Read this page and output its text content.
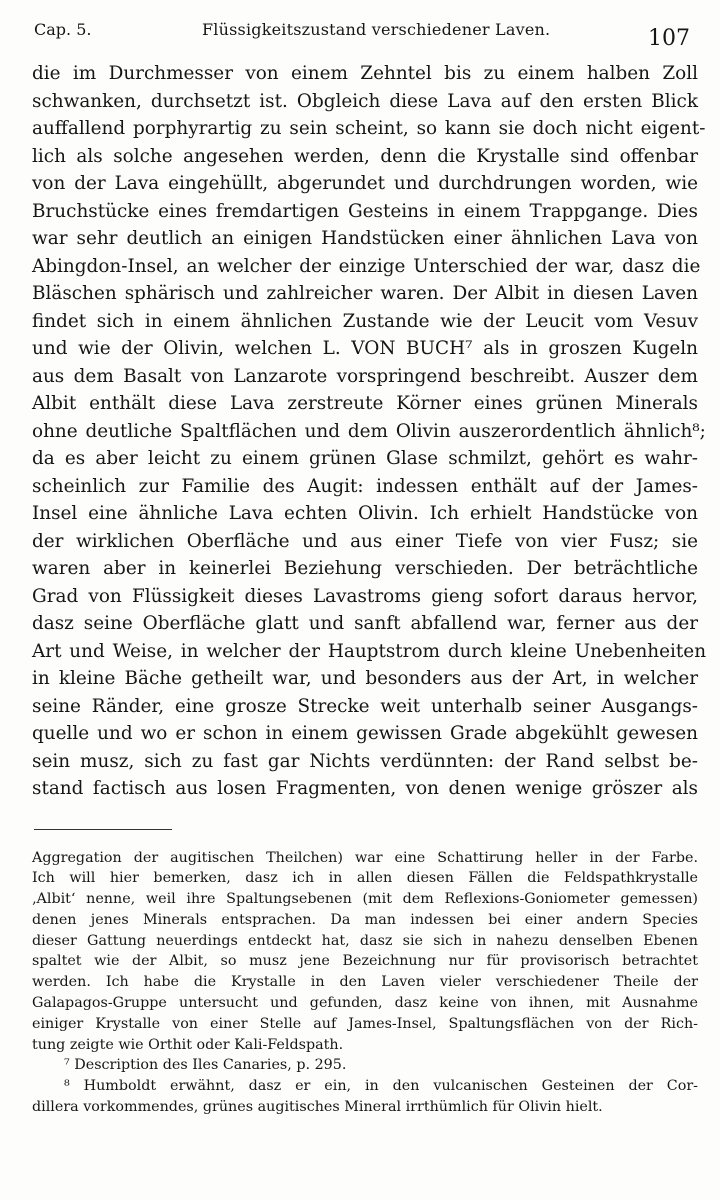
Cap. 5.	Flüssigkeitszustand verschiedener Laven.	107
die im Durchmesser von einem Zehntel bis zu einem halben Zoll
schwanken, durchsetzt ist. Obgleich diese Lava auf den ersten Blick
auffallend porphyrartig zu sein scheint, so kann sie doch nicht eigent-
lich als solche angesehen werden, denn die Krystalle sind offenbar
von der Lava eingehüllt, abgerundet und durchdrungen worden, wie
Bruchstücke eines fremdartigen Gesteins in einem Trappgange. Dies
war sehr deutlich an einigen Handstücken einer ähnlichen Lava von
Abingdon-Insel, an welcher der einzige Unterschied der war, dasz die
Bläschen sphärisch und zahlreicher waren. Der Albit in diesen Laven
findet sich in einem ähnlichen Zustande wie der Leucit vom Vesuv
und wie der Olivin, welchen L. VON BUCH⁷ als in groszen Kugeln
aus dem Basalt von Lanzarote vorspringend beschreibt. Auszer dem
Albit enthält diese Lava zerstreute Körner eines grünen Minerals
ohne deutliche Spaltflächen und dem Olivin auszerordentlich ähnlich⁸;
da es aber leicht zu einem grünen Glase schmilzt, gehört es wahr-
scheinlich zur Familie des Augit: indessen enthält auf der James-
Insel eine ähnliche Lava echten Olivin. Ich erhielt Handstücke von
der wirklichen Oberfläche und aus einer Tiefe von vier Fusz; sie
waren aber in keinerlei Beziehung verschieden. Der beträchtliche
Grad von Flüssigkeit dieses Lavastroms gieng sofort daraus hervor,
dasz seine Oberfläche glatt und sanft abfallend war, ferner aus der
Art und Weise, in welcher der Hauptstrom durch kleine Unebenheiten
in kleine Bäche getheilt war, und besonders aus der Art, in welcher
seine Ränder, eine grosze Strecke weit unterhalb seiner Ausgangs-
quelle und wo er schon in einem gewissen Grade abgekühlt gewesen
sein musz, sich zu fast gar Nichts verdünnten: der Rand selbst be-
stand factisch aus losen Fragmenten, von denen wenige gröszer als
Aggregation der augitischen Theilchen) war eine Schattirung heller in der Farbe.
Ich will hier bemerken, dasz ich in allen diesen Fällen die Feldspathkrystalle
‚Albit‘ nenne, weil ihre Spaltungsebenen (mit dem Reflexions-Goniometer gemessen)
denen jenes Minerals entsprachen. Da man indessen bei einer andern Species
dieser Gattung neuerdings entdeckt hat, dasz sie sich in nahezu denselben Ebenen
spaltet wie der Albit, so musz jene Bezeichnung nur für provisorisch betrachtet
werden. Ich habe die Krystalle in den Laven vieler verschiedener Theile der
Galapagos-Gruppe untersucht und gefunden, dasz keine von ihnen, mit Ausnahme
einiger Krystalle von einer Stelle auf James-Insel, Spaltungsflächen von der Rich-
tung zeigte wie Orthit oder Kali-Feldspath.
⁷ Description des Iles Canaries, p. 295.
⁸ Humboldt erwähnt, dasz er ein, in den vulcanischen Gesteinen der Cor-
dillera vorkommendes, grünes augitisches Mineral irrthümlich für Olivin hielt.
